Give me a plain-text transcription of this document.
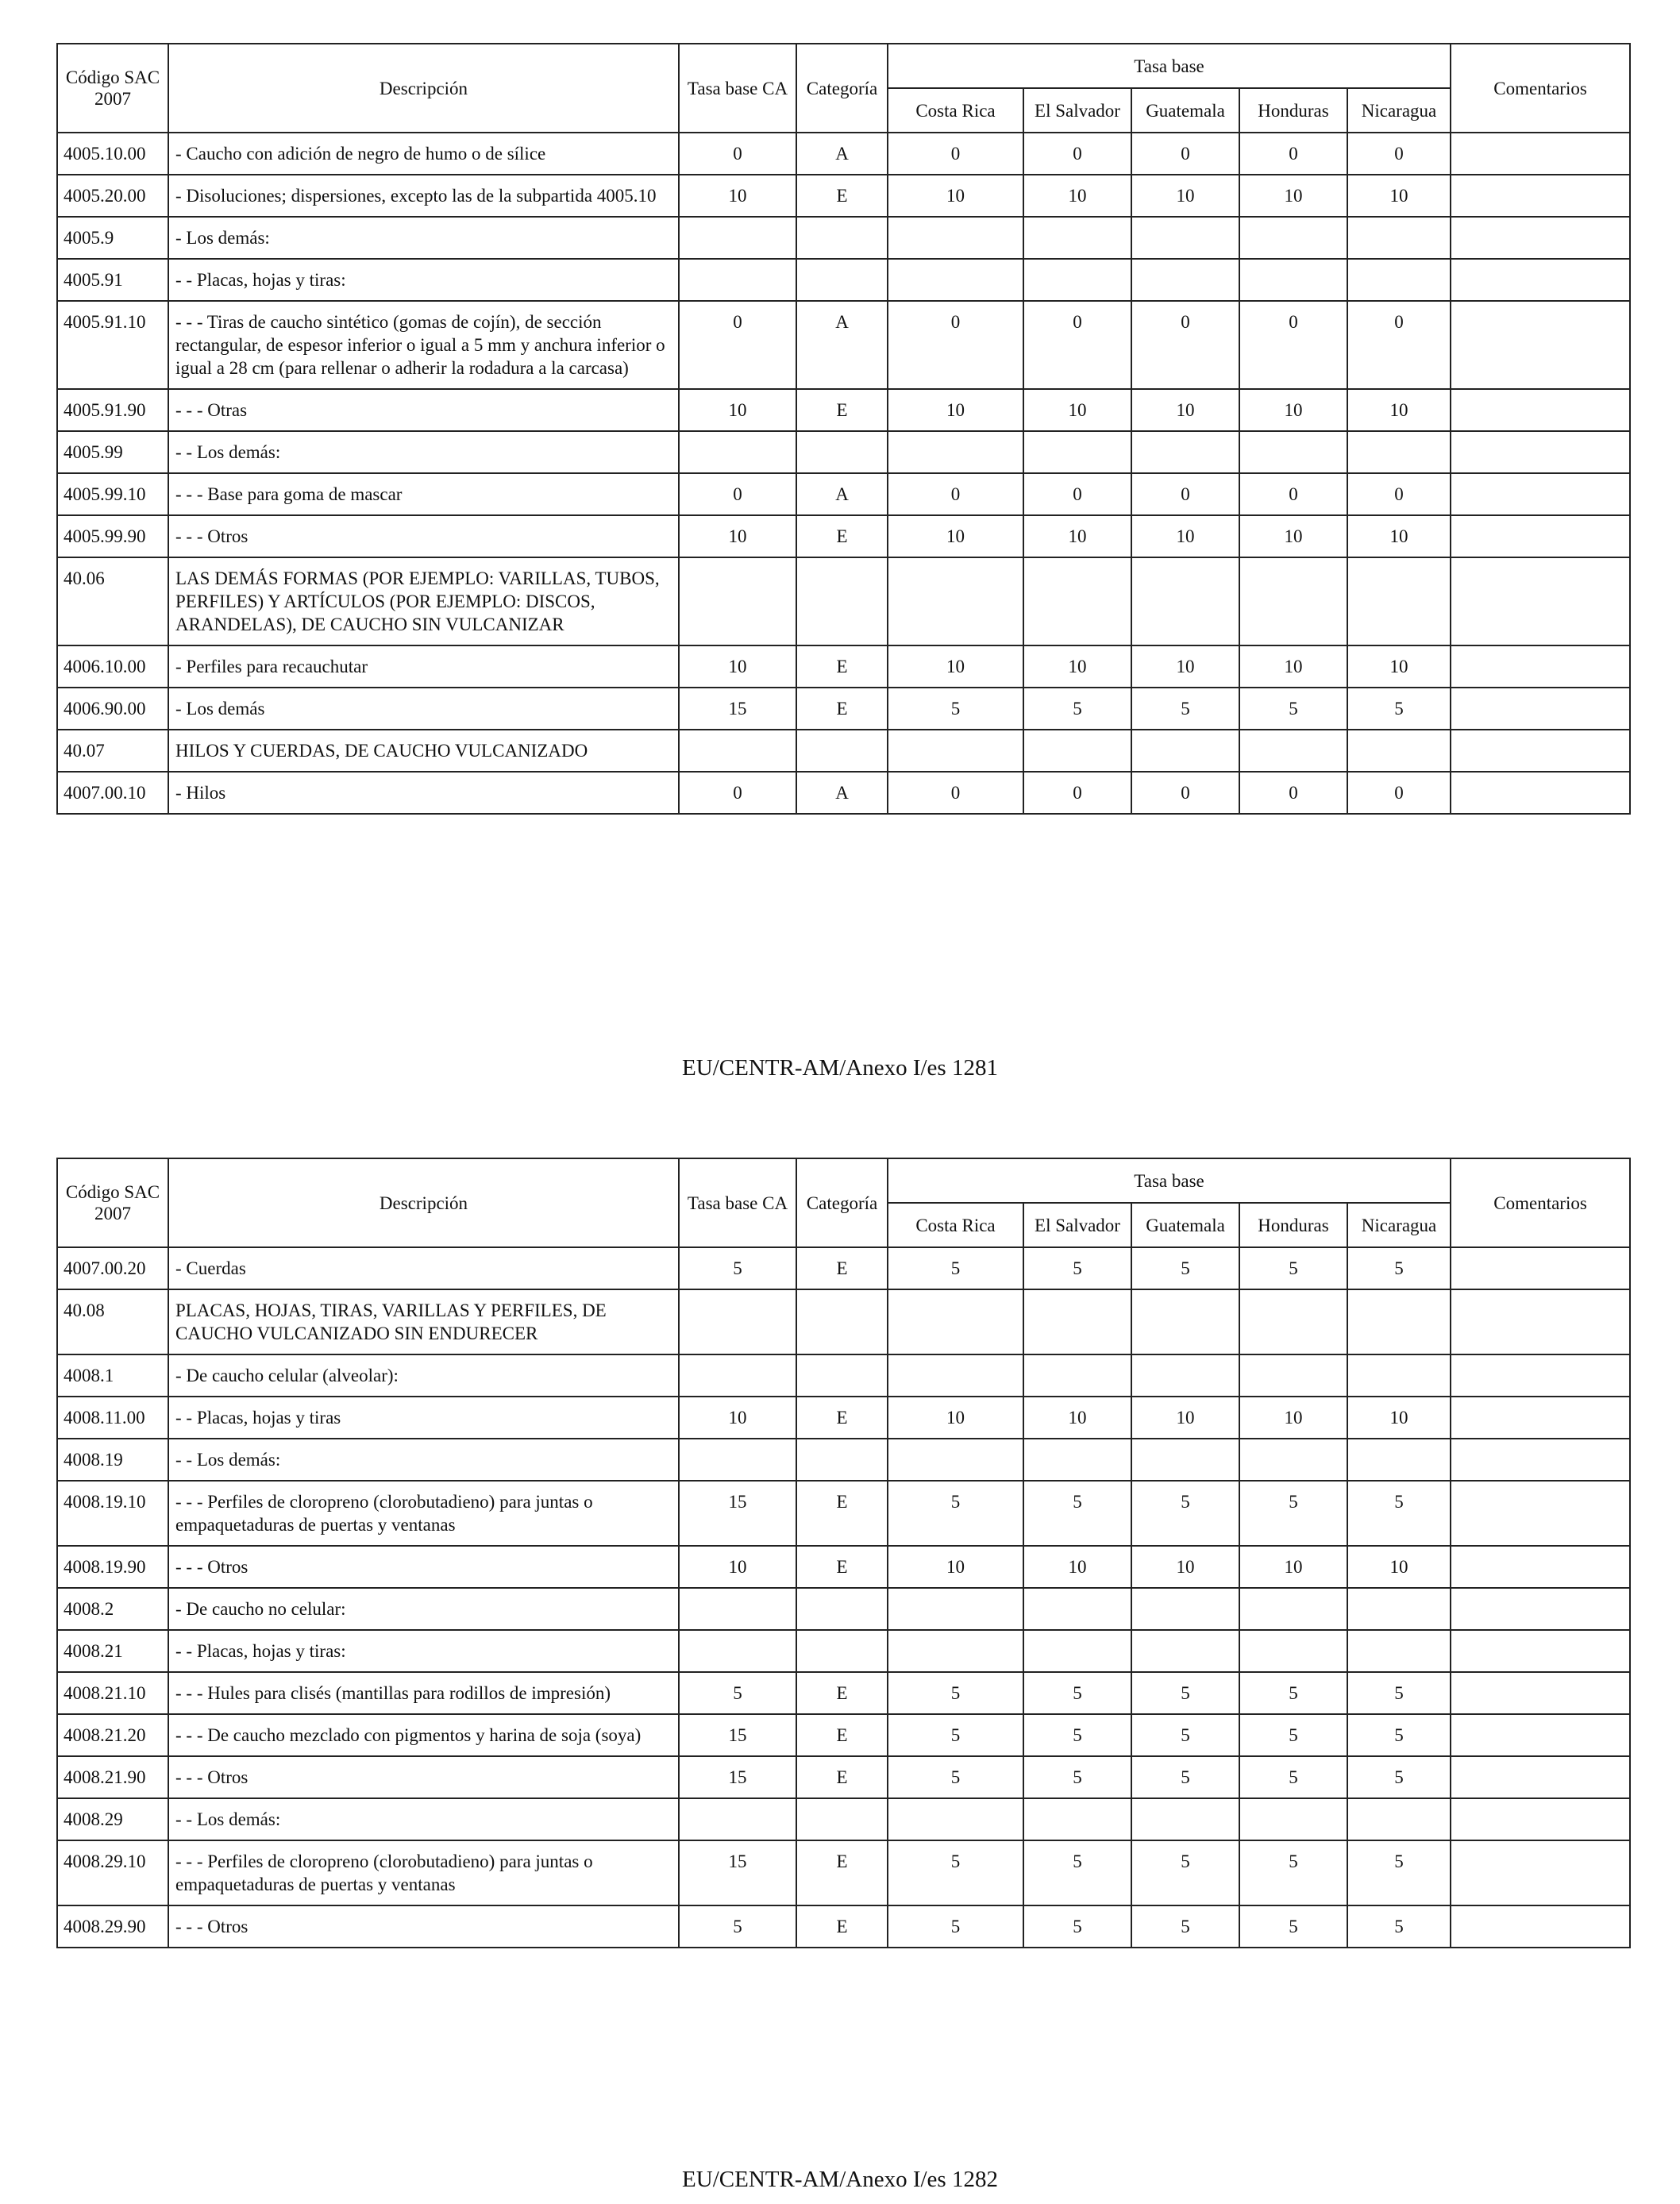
Código SAC 2007	Descripción	Tasa base CA	Categoría	Tasa base					Comentarios
				Costa Rica	El Salvador	Guatemala	Honduras	Nicaragua	
4005.10.00	- Caucho con adición de negro de humo o de sílice	0	A	0	0	0	0	0	
4005.20.00	- Disoluciones; dispersiones, excepto las de la subpartida 4005.10	10	E	10	10	10	10	10	
4005.9	- Los demás:								
4005.91	- - Placas, hojas y tiras:								
4005.91.10	- - - Tiras de caucho sintético (gomas de cojín), de sección rectangular, de espesor inferior o igual a 5 mm y anchura inferior o igual a 28 cm (para rellenar o adherir la rodadura a la carcasa)	0	A	0	0	0	0	0	
4005.91.90	- - - Otras	10	E	10	10	10	10	10	
4005.99	- - Los demás:								
4005.99.10	- - - Base para goma de mascar	0	A	0	0	0	0	0	
4005.99.90	- - - Otros	10	E	10	10	10	10	10	
40.06	LAS DEMÁS FORMAS (POR EJEMPLO: VARILLAS, TUBOS, PERFILES) Y ARTÍCULOS (POR EJEMPLO: DISCOS, ARANDELAS), DE CAUCHO SIN VULCANIZAR								
4006.10.00	- Perfiles para recauchutar	10	E	10	10	10	10	10	
4006.90.00	- Los demás	15	E	5	5	5	5	5	
40.07	HILOS Y CUERDAS, DE CAUCHO VULCANIZADO								
4007.00.10	- Hilos	0	A	0	0	0	0	0	
EU/CENTR-AM/Anexo I/es 1281
Código SAC 2007	Descripción	Tasa base CA	Categoría	Tasa base					Comentarios
				Costa Rica	El Salvador	Guatemala	Honduras	Nicaragua	
4007.00.20	- Cuerdas	5	E	5	5	5	5	5	
40.08	PLACAS, HOJAS, TIRAS, VARILLAS Y PERFILES, DE CAUCHO VULCANIZADO SIN ENDURECER								
4008.1	- De caucho celular (alveolar):								
4008.11.00	- - Placas, hojas y tiras	10	E	10	10	10	10	10	
4008.19	- - Los demás:								
4008.19.10	- - - Perfiles de cloropreno (clorobutadieno) para juntas o empaquetaduras de puertas y ventanas	15	E	5	5	5	5	5	
4008.19.90	- - - Otros	10	E	10	10	10	10	10	
4008.2	- De caucho no celular:								
4008.21	- - Placas, hojas y tiras:								
4008.21.10	- - - Hules para clisés (mantillas para rodillos de impresión)	5	E	5	5	5	5	5	
4008.21.20	- - - De caucho mezclado con pigmentos y harina de soja (soya)	15	E	5	5	5	5	5	
4008.21.90	- - - Otros	15	E	5	5	5	5	5	
4008.29	- - Los demás:								
4008.29.10	- - - Perfiles de cloropreno (clorobutadieno) para juntas o empaquetaduras de puertas y ventanas	15	E	5	5	5	5	5	
4008.29.90	- - - Otros	5	E	5	5	5	5	5	
EU/CENTR-AM/Anexo I/es 1282
